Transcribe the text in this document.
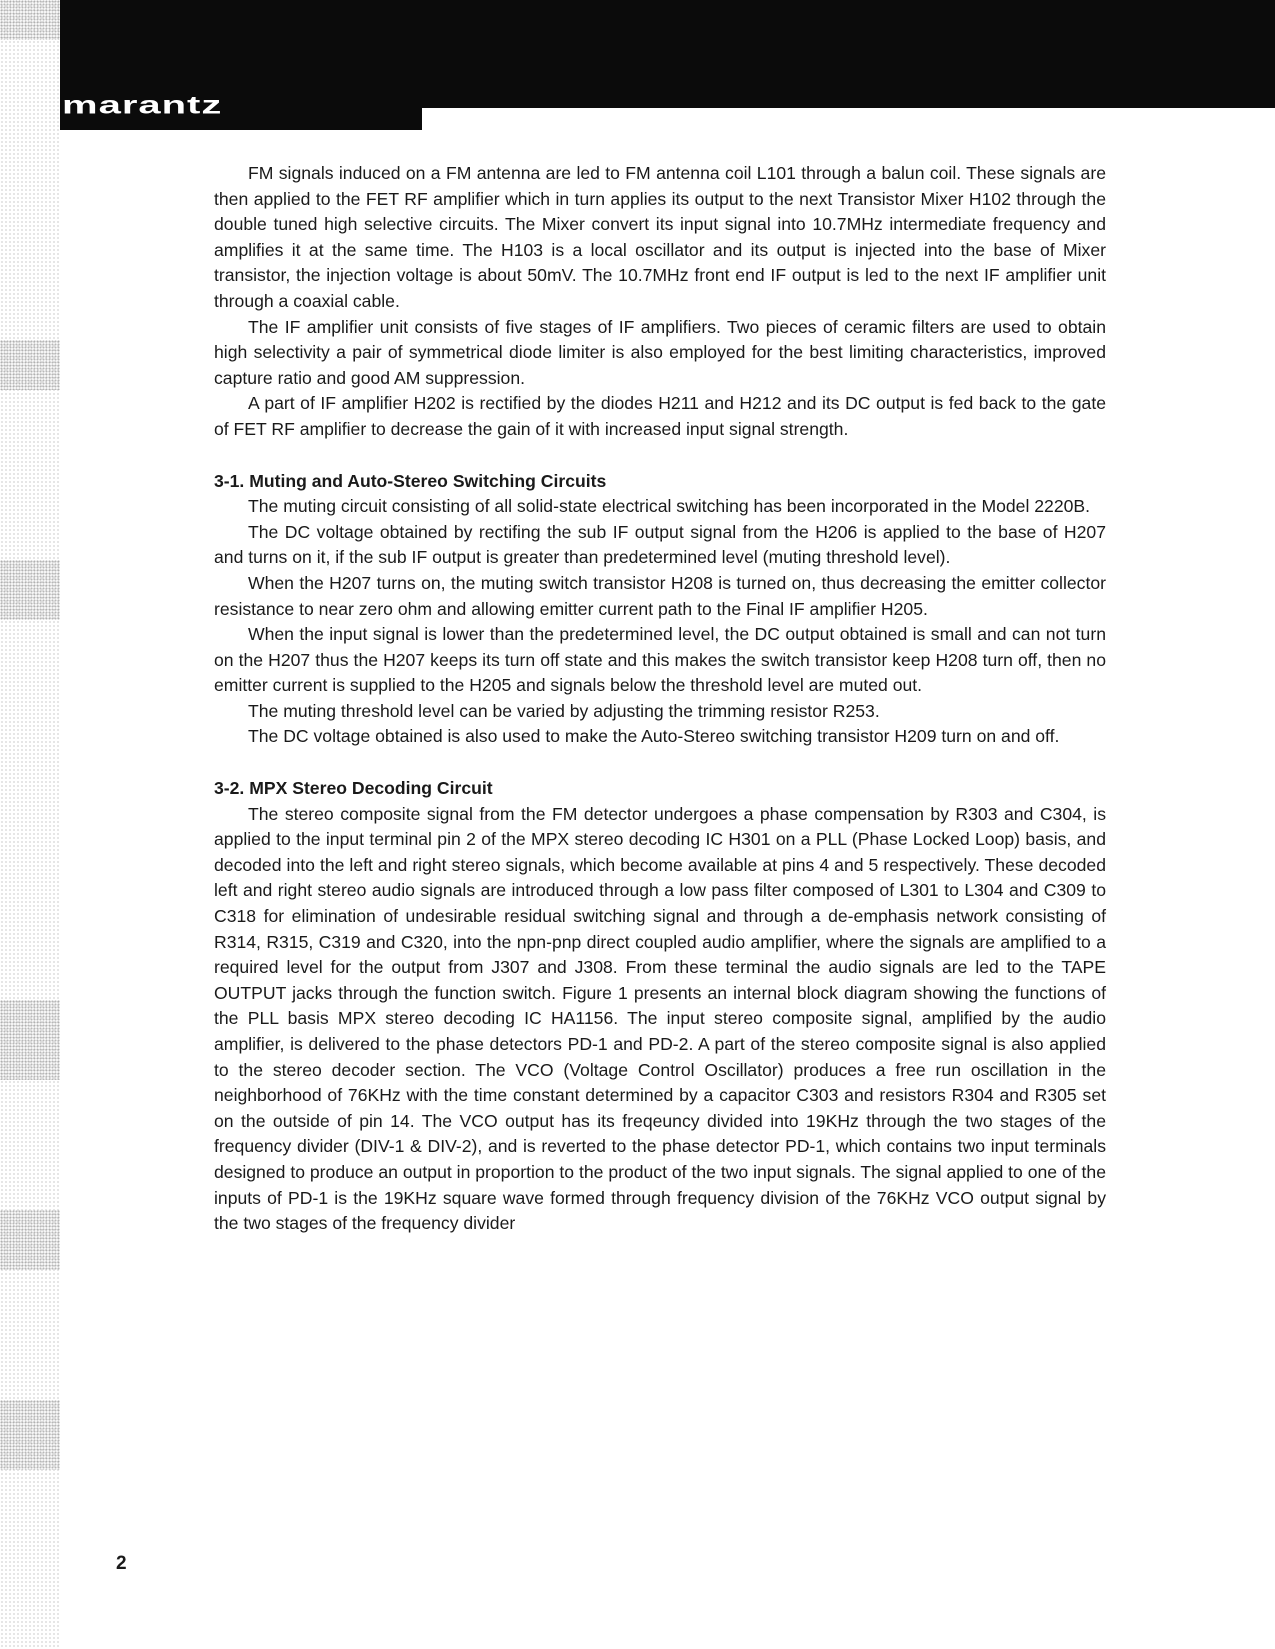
marantz

FM signals induced on a FM antenna are led to FM antenna coil L101 through a balun coil. These signals are then applied to the FET RF amplifier which in turn applies its output to the next Transistor Mixer H102 through the double tuned high selective circuits. The Mixer convert its input signal into 10.7MHz intermediate frequency and amplifies it at the same time. The H103 is a local oscillator and its output is injected into the base of Mixer transistor, the injection voltage is about 50mV. The 10.7MHz front end IF output is led to the next IF amplifier unit through a coaxial cable.

The IF amplifier unit consists of five stages of IF amplifiers. Two pieces of ceramic filters are used to obtain high selectivity a pair of symmetrical diode limiter is also employed for the best limiting characteristics, improved capture ratio and good AM suppression.

A part of IF amplifier H202 is rectified by the diodes H211 and H212 and its DC output is fed back to the gate of FET RF amplifier to decrease the gain of it with increased input signal strength.

3-1. Muting and Auto-Stereo Switching Circuits

The muting circuit consisting of all solid-state electrical switching has been incorporated in the Model 2220B.

The DC voltage obtained by rectifing the sub IF output signal from the H206 is applied to the base of H207 and turns on it, if the sub IF output is greater than predetermined level (muting threshold level).

When the H207 turns on, the muting switch transistor H208 is turned on, thus decreasing the emitter collector resistance to near zero ohm and allowing emitter current path to the Final IF amplifier H205.

When the input signal is lower than the predetermined level, the DC output obtained is small and can not turn on the H207 thus the H207 keeps its turn off state and this makes the switch transistor keep H208 turn off, then no emitter current is supplied to the H205 and signals below the threshold level are muted out.

The muting threshold level can be varied by adjusting the trimming resistor R253.

The DC voltage obtained is also used to make the Auto-Stereo switching transistor H209 turn on and off.

3-2. MPX Stereo Decoding Circuit

The stereo composite signal from the FM detector undergoes a phase compensation by R303 and C304, is applied to the input terminal pin 2 of the MPX stereo decoding IC H301 on a PLL (Phase Locked Loop) basis, and decoded into the left and right stereo signals, which become available at pins 4 and 5 respectively. These decoded left and right stereo audio signals are introduced through a low pass filter composed of L301 to L304 and C309 to C318 for elimination of undesirable residual switching signal and through a de-emphasis network consisting of R314, R315, C319 and C320, into the npn-pnp direct coupled audio amplifier, where the signals are amplified to a required level for the output from J307 and J308. From these terminal the audio signals are led to the TAPE OUTPUT jacks through the function switch. Figure 1 presents an internal block diagram showing the functions of the PLL basis MPX stereo decoding IC HA1156. The input stereo composite signal, amplified by the audio amplifier, is delivered to the phase detectors PD-1 and PD-2. A part of the stereo composite signal is also applied to the stereo decoder section. The VCO (Voltage Control Oscillator) produces a free run oscillation in the neighborhood of 76KHz with the time constant determined by a capacitor C303 and resistors R304 and R305 set on the outside of pin 14. The VCO output has its freqeuncy divided into 19KHz through the two stages of the frequency divider (DIV-1 & DIV-2), and is reverted to the phase detector PD-1, which contains two input terminals designed to produce an output in proportion to the product of the two input signals. The signal applied to one of the inputs of PD-1 is the 19KHz square wave formed through frequency division of the 76KHz VCO output signal by the two stages of the frequency divider

2
